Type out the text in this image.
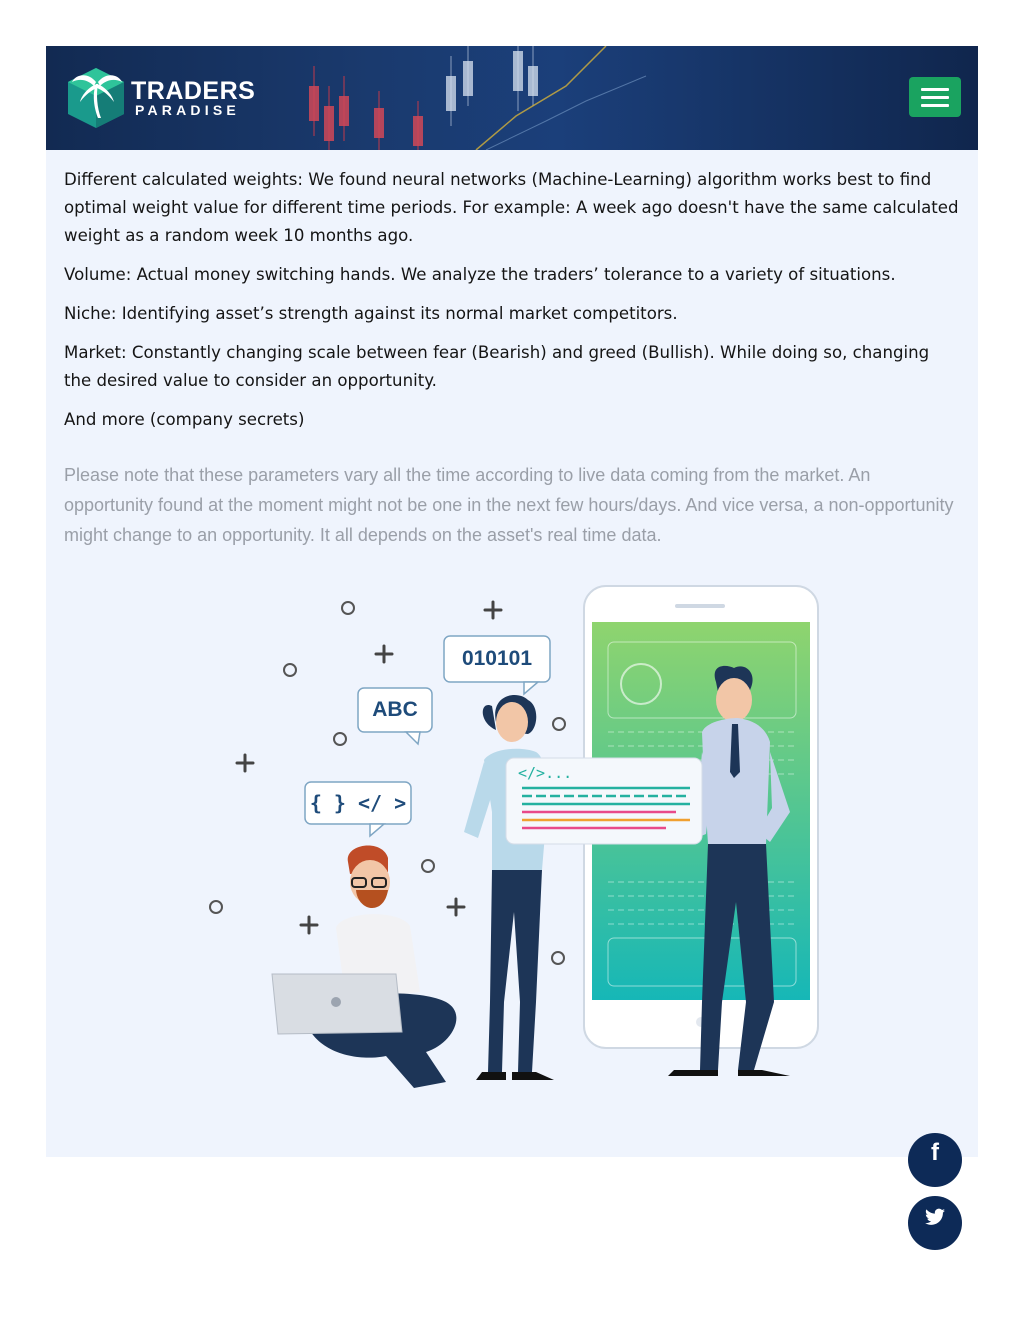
TRADERS
PARADISE

Different calculated weights: We found neural networks (Machine-Learning) algorithm works best to find optimal weight value for different time periods. For example: A week ago doesn't have the same calculated weight as a random week 10 months ago.

Volume: Actual money switching hands. We analyze the traders’ tolerance to a variety of situations.

Niche: Identifying asset’s strength against its normal market competitors.

Market: Constantly changing scale between fear (Bearish) and greed (Bullish). While doing so, changing the desired value to consider an opportunity.

And more (company secrets)

Please note that these parameters vary all the time according to live data coming from the market. An opportunity found at the moment might not be one in the next few hours/days. And vice versa, a non-opportunity might change to an opportunity. It all depends on the asset's real time data.
010101
ABC
{ } </ >
</>...
f
